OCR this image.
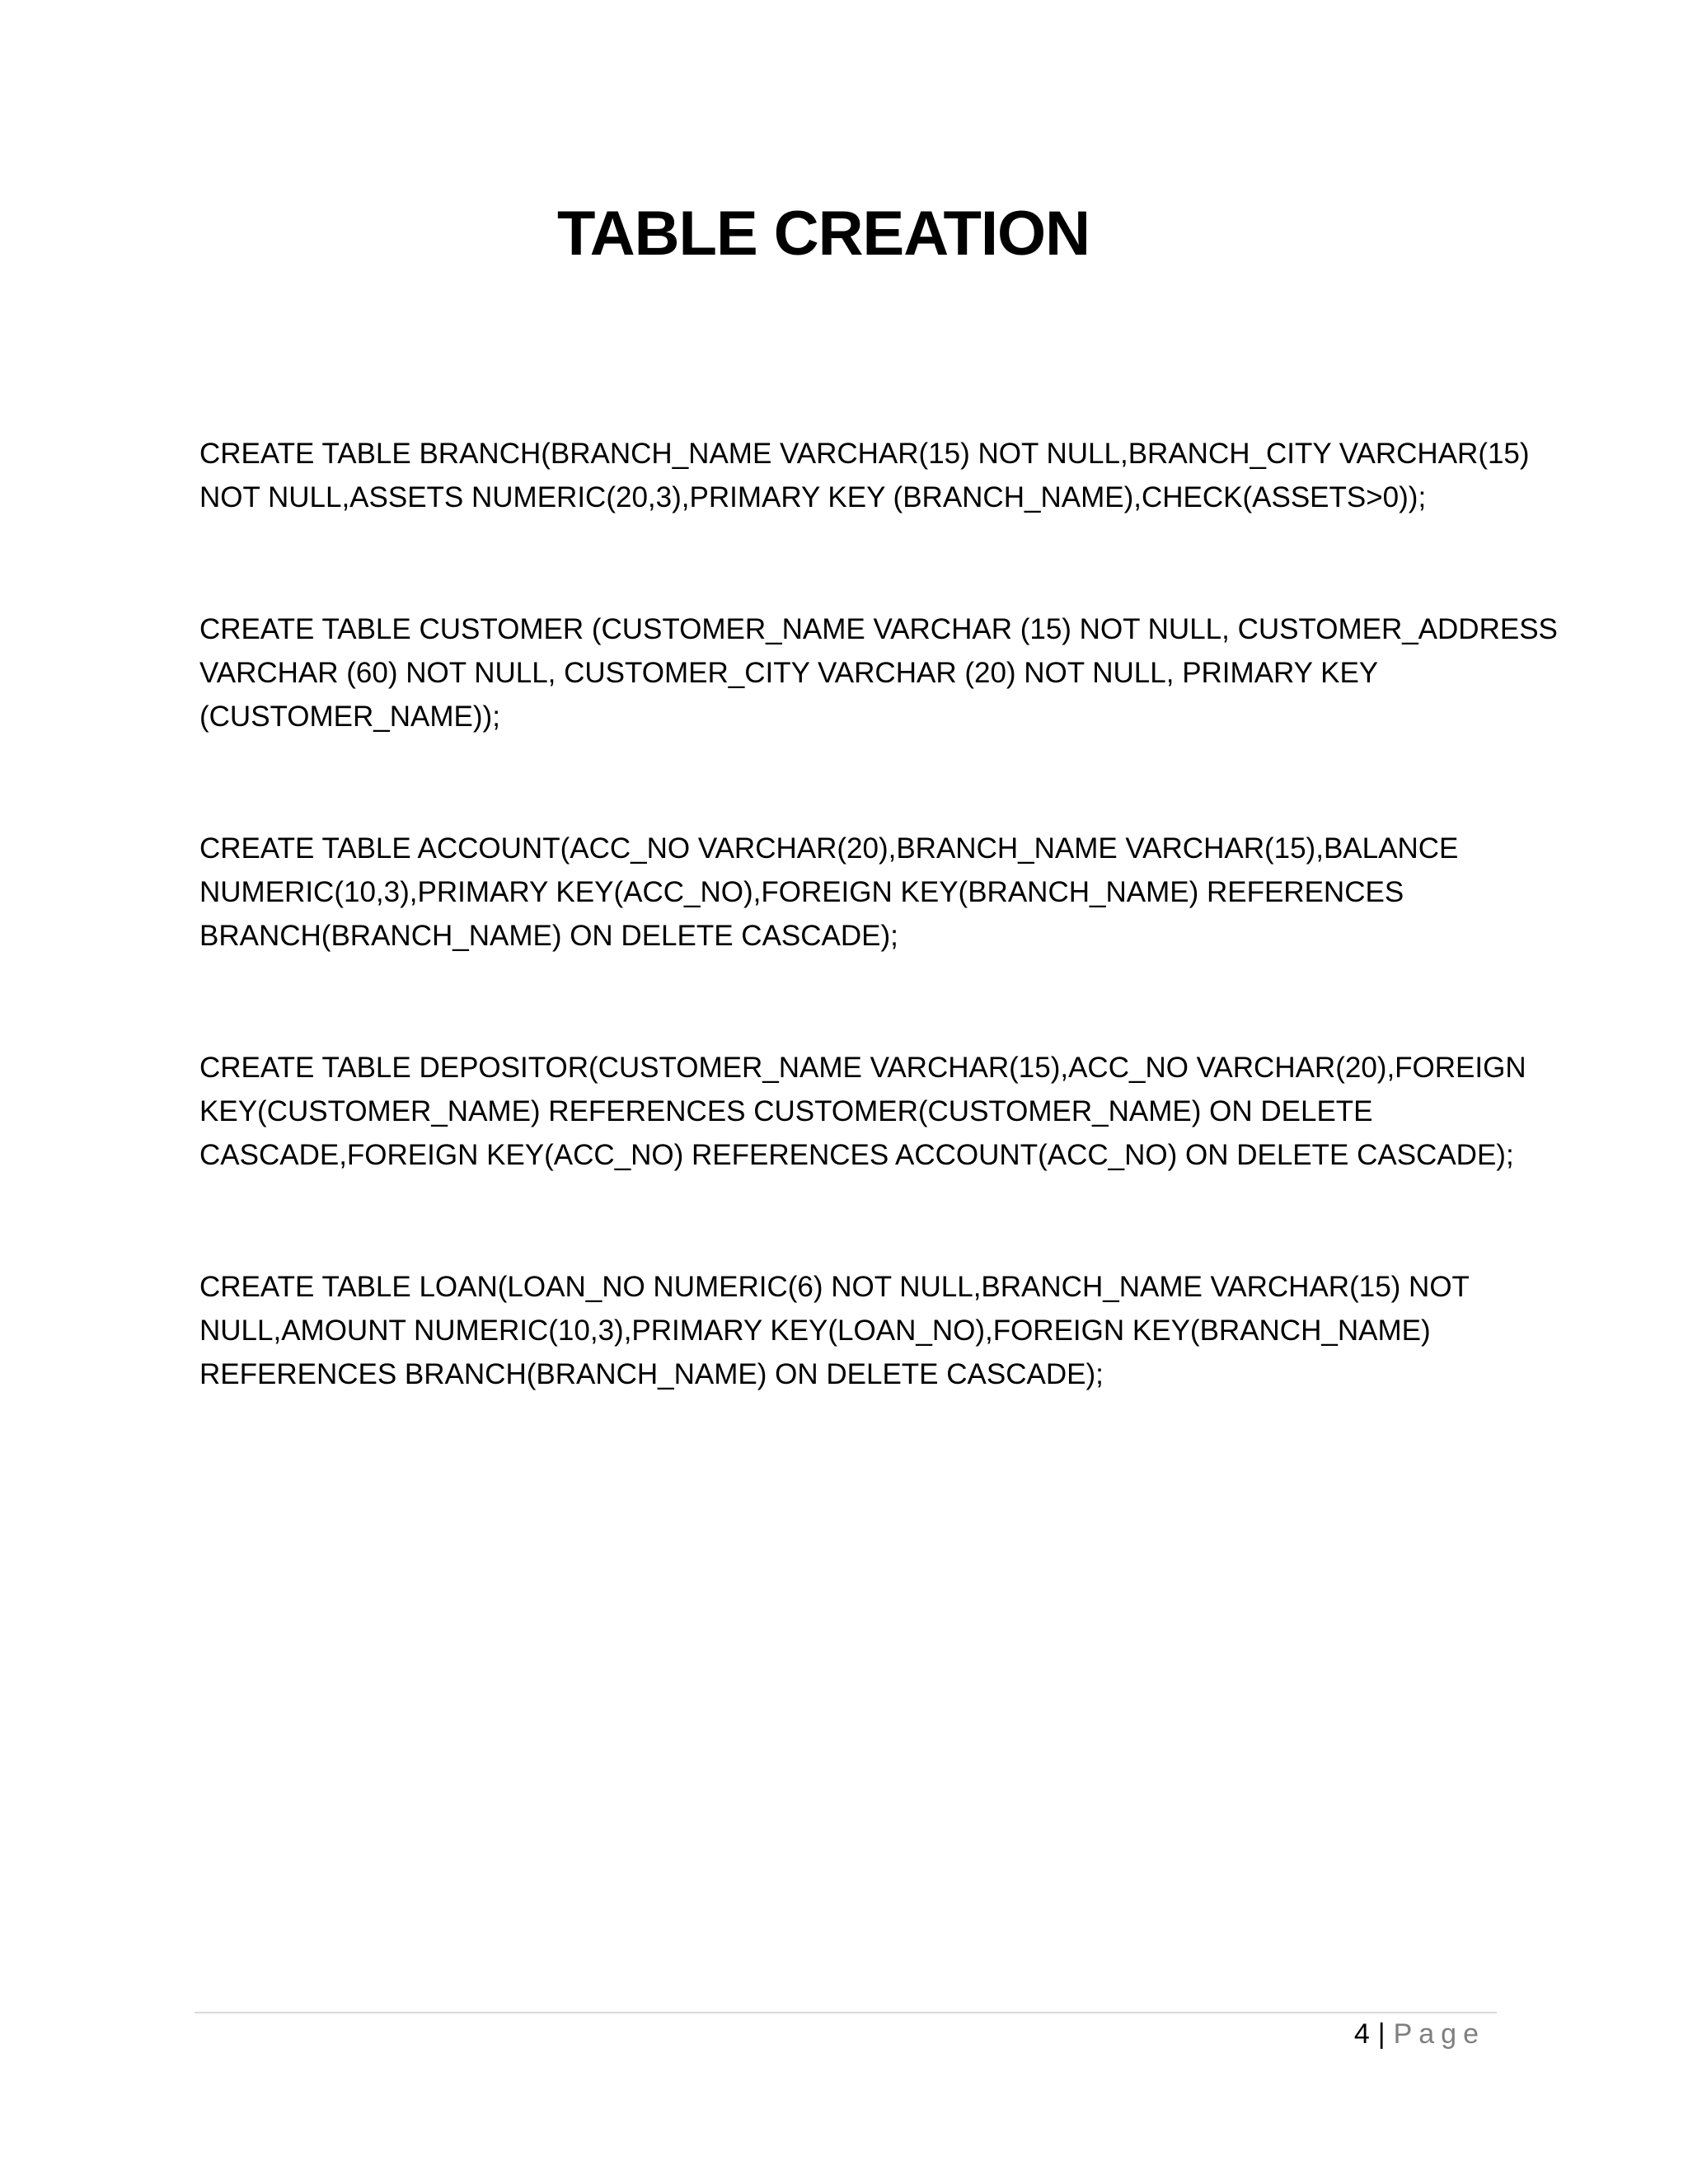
TABLE CREATION

CREATE TABLE BRANCH(BRANCH_NAME VARCHAR(15) NOT NULL,BRANCH_CITY VARCHAR(15)
NOT NULL,ASSETS NUMERIC(20,3),PRIMARY KEY (BRANCH_NAME),CHECK(ASSETS>0));

CREATE TABLE CUSTOMER (CUSTOMER_NAME VARCHAR (15) NOT NULL, CUSTOMER_ADDRESS
VARCHAR (60) NOT NULL, CUSTOMER_CITY VARCHAR (20) NOT NULL, PRIMARY KEY
(CUSTOMER_NAME));

CREATE TABLE ACCOUNT(ACC_NO VARCHAR(20),BRANCH_NAME VARCHAR(15),BALANCE
NUMERIC(10,3),PRIMARY KEY(ACC_NO),FOREIGN KEY(BRANCH_NAME) REFERENCES
BRANCH(BRANCH_NAME) ON DELETE CASCADE);

CREATE TABLE DEPOSITOR(CUSTOMER_NAME VARCHAR(15),ACC_NO VARCHAR(20),FOREIGN
KEY(CUSTOMER_NAME) REFERENCES CUSTOMER(CUSTOMER_NAME) ON DELETE
CASCADE,FOREIGN KEY(ACC_NO) REFERENCES ACCOUNT(ACC_NO) ON DELETE CASCADE);

CREATE TABLE LOAN(LOAN_NO NUMERIC(6) NOT NULL,BRANCH_NAME VARCHAR(15) NOT
NULL,AMOUNT NUMERIC(10,3),PRIMARY KEY(LOAN_NO),FOREIGN KEY(BRANCH_NAME)
REFERENCES BRANCH(BRANCH_NAME) ON DELETE CASCADE);

4 | Page
